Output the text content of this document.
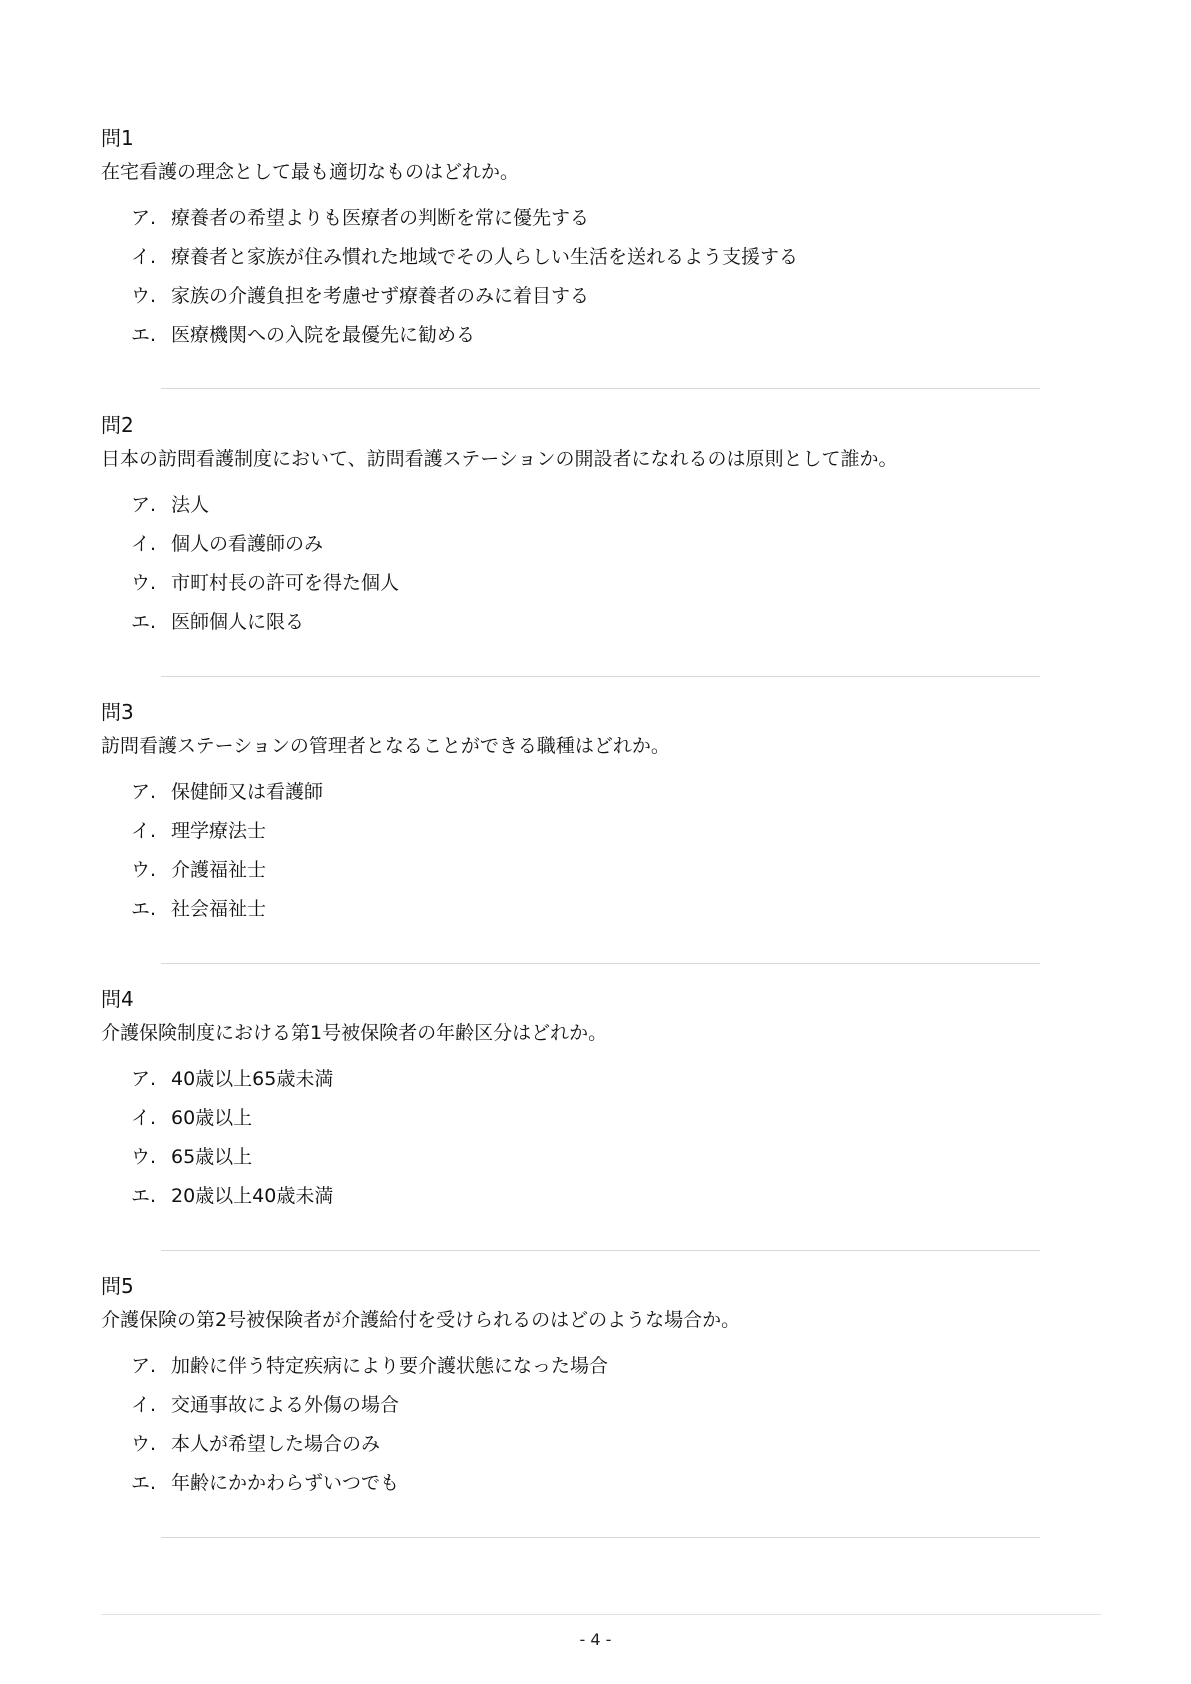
問1

在宅看護の理念として最も適切なものはどれか。

ア. 療養者の希望よりも医療者の判断を常に優先する
イ. 療養者と家族が住み慣れた地域でその人らしい生活を送れるよう支援する
ウ. 家族の介護負担を考慮せず療養者のみに着目する
エ. 医療機関への入院を最優先に勧める

問2

日本の訪問看護制度において、訪問看護ステーションの開設者になれるのは原則として誰か。

ア. 法人
イ. 個人の看護師のみ
ウ. 市町村長の許可を得た個人
エ. 医師個人に限る

問3

訪問看護ステーションの管理者となることができる職種はどれか。

ア. 保健師又は看護師
イ. 理学療法士
ウ. 介護福祉士
エ. 社会福祉士

問4

介護保険制度における第1号被保険者の年齢区分はどれか。

ア. 40歳以上65歳未満
イ. 60歳以上
ウ. 65歳以上
エ. 20歳以上40歳未満

問5

介護保険の第2号被保険者が介護給付を受けられるのはどのような場合か。

ア. 加齢に伴う特定疾病により要介護状態になった場合
イ. 交通事故による外傷の場合
ウ. 本人が希望した場合のみ
エ. 年齢にかかわらずいつでも
- 4 -
